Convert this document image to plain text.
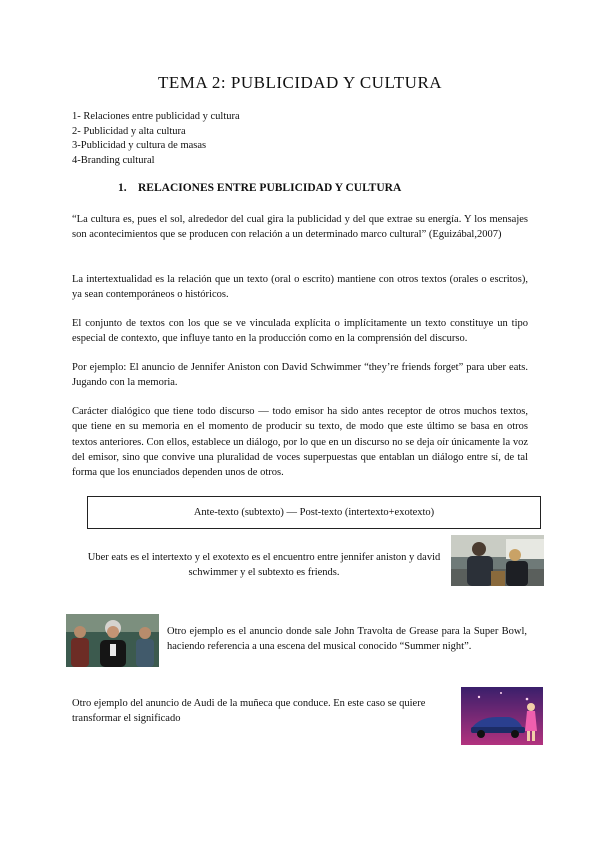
TEMA 2: PUBLICIDAD Y CULTURA
1- Relaciones entre publicidad y cultura
2- Publicidad y alta cultura
3-Publicidad y cultura de masas
4-Branding cultural
1. RELACIONES ENTRE PUBLICIDAD Y CULTURA
“La cultura es, pues el sol, alrededor del cual gira la publicidad y del que extrae su energía. Y los mensajes son acontecimientos que se producen con relación a un determinado marco cultural” (Eguizábal,2007)
La intertextualidad es la relación que un texto (oral o escrito) mantiene con otros textos (orales o escritos), ya sean contemporáneos o históricos.
El conjunto de textos con los que se ve vinculada explícita o implícitamente un texto constituye un tipo especial de contexto, que influye tanto en la producción como en la comprensión del discurso.
Por ejemplo: El anuncio de Jennifer Aniston con David Schwimmer “they’re friends forget” para uber eats. Jugando con la memoria.
Carácter dialógico que tiene todo discurso — todo emisor ha sido antes receptor de otros muchos textos, que tiene en su memoria en el momento de producir su texto, de modo que este último se basa en otros textos anteriores. Con ellos, establece un diálogo, por lo que en un discurso no se deja oír únicamente la voz del emisor, sino que convive una pluralidad de voces superpuestas que entablan un diálogo entre sí, de tal forma que los enunciados dependen unos de otros.
Ante-texto (subtexto) — Post-texto (intertexto+exotexto)
Uber eats es el intertexto y el exotexto es el encuentro entre jennifer aniston y david schwimmer y el subtexto es friends.
Otro ejemplo es el anuncio donde sale John Travolta de Grease para la Super Bowl, haciendo referencia a una escena del musical conocido “Summer night”.
Otro ejemplo del anuncio de Audi de la muñeca que conduce. En este caso se quiere transformar el significado
